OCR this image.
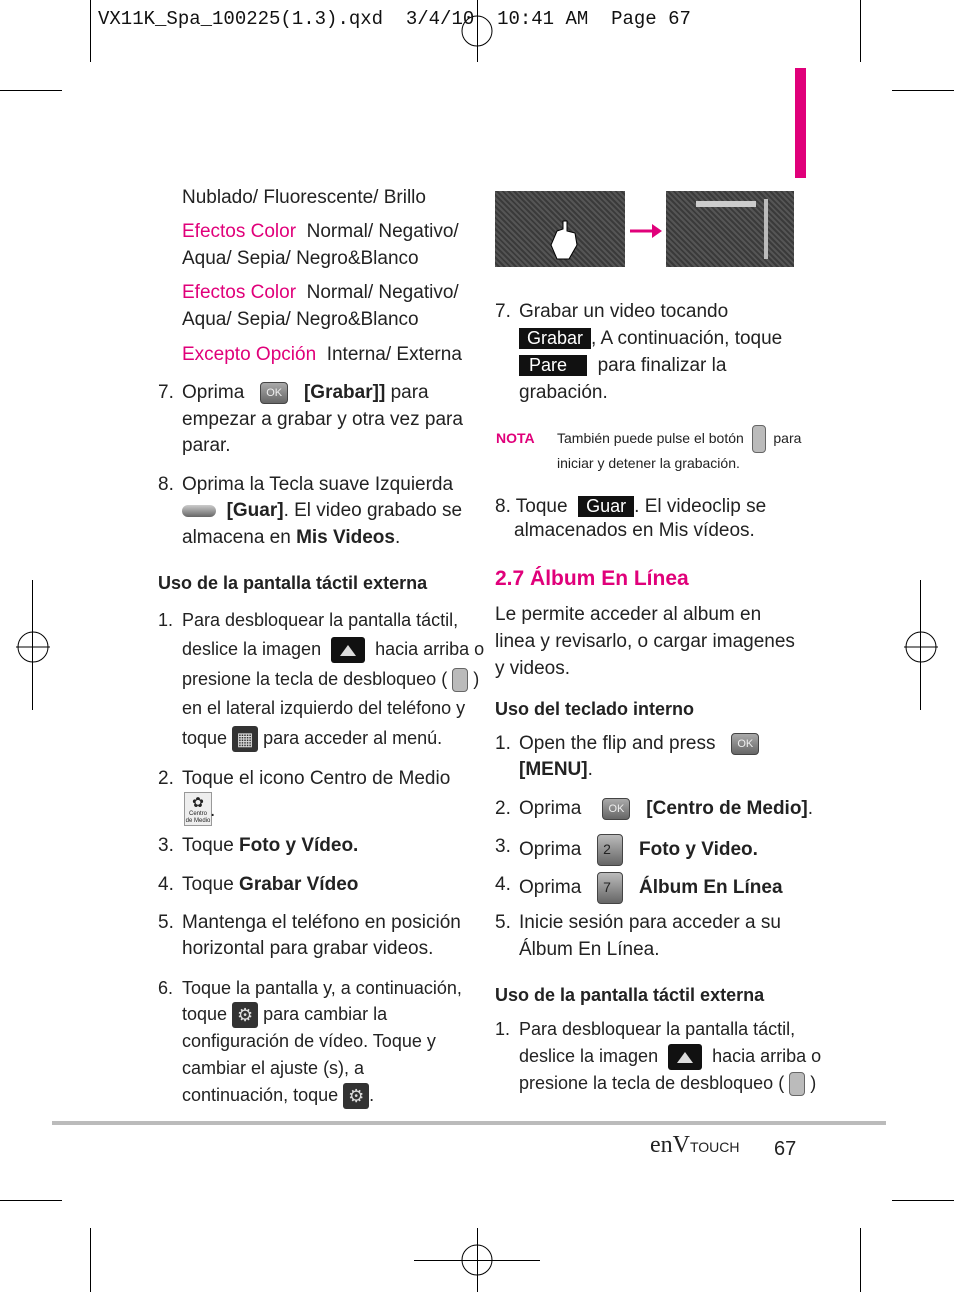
VX11K_Spa_100225(1.3).qxd  3/4/10  10:41 AM  Page 67
Nublado/ Fluorescente/ Brillo
Efectos Color Normal/ Negativo/
Aqua/ Sepia/ Negro&Blanco
Efectos Color Normal/ Negativo/
Aqua/ Sepia/ Negro&Blanco
Excepto Opción Interna/ Externa
7. Oprima OK [Grabar]] para
empezar a grabar y otra vez para
parar.
8. Oprima la Tecla suave Izquierda
[Guar]. El video grabado se
almacena en Mis Videos.
Uso de la pantalla táctil externa
1. Para desbloquear la pantalla táctil,
deslice la imagen	hacia arriba o
presione la tecla de desbloqueo ( )
en el lateral izquierdo del teléfono y
toque ▦ para acceder al menú.
2. Toque el icono Centro de Medio
✿
Centro de Medio .
3. Toque Foto y Vídeo.
4. Toque Grabar Vídeo
5. Mantenga el teléfono en posición
horizontal para grabar videos.
6. Toque la pantalla y, a continuación,
toque ⚙ para cambiar la
configuración de vídeo. Toque y
cambiar el ajuste (s), a
continuación, toque ⚙ .
7. Grabar un video tocando
Grabar , A continuación, toque
Pare para finalizar la
grabación.
NOTA También puede pulse el botón para
iniciar y detener la grabación.
8. Toque Guar . El videoclip se
almacenados en Mis vídeos.
2.7 Álbum En Línea
Le permite acceder al album en
linea y revisarlo, o cargar imagenes
y videos.
Uso del teclado interno
1. Open the flip and press OK
[MENU].
2. Oprima OK [Centro de Medio].
3. Oprima 2 Foto y Video.
4. Oprima 7 Álbum En Línea
5. Inicie sesión para acceder a su
Álbum En Línea.
Uso de la pantalla táctil externa
1. Para desbloquear la pantalla táctil,
deslice la imagen	hacia arriba o
presione la tecla de desbloqueo ( )
enVTOUCH 67
